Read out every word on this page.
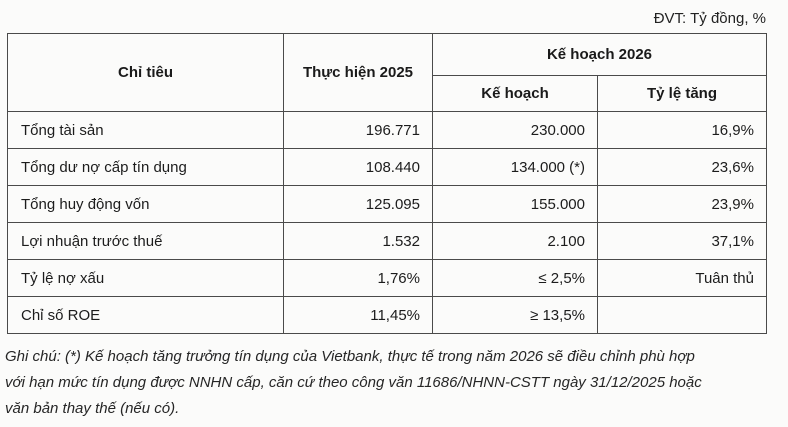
ĐVT: Tỷ đồng, %
Chỉ tiêu	Thực hiện 2025	Kế hoạch 2026	
		Kế hoạch	Tỷ lệ tăng
Tổng tài sản	196.771	230.000	16,9%
Tổng dư nợ cấp tín dụng	108.440	134.000 (*)	23,6%
Tổng huy động vốn	125.095	155.000	23,9%
Lợi nhuận trước thuế	1.532	2.100	37,1%
Tỷ lệ nợ xấu	1,76%	≤ 2,5%	Tuân thủ
Chỉ số ROE	11,45%	≥ 13,5%	
Ghi chú: (*) Kế hoạch tăng trưởng tín dụng của Vietbank, thực tế trong năm 2026 sẽ điều chỉnh phù hợp
với hạn mức tín dụng được NNHN cấp, căn cứ theo công văn 11686/NHNN-CSTT ngày 31/12/2025 hoặc
văn bản thay thế (nếu có).
